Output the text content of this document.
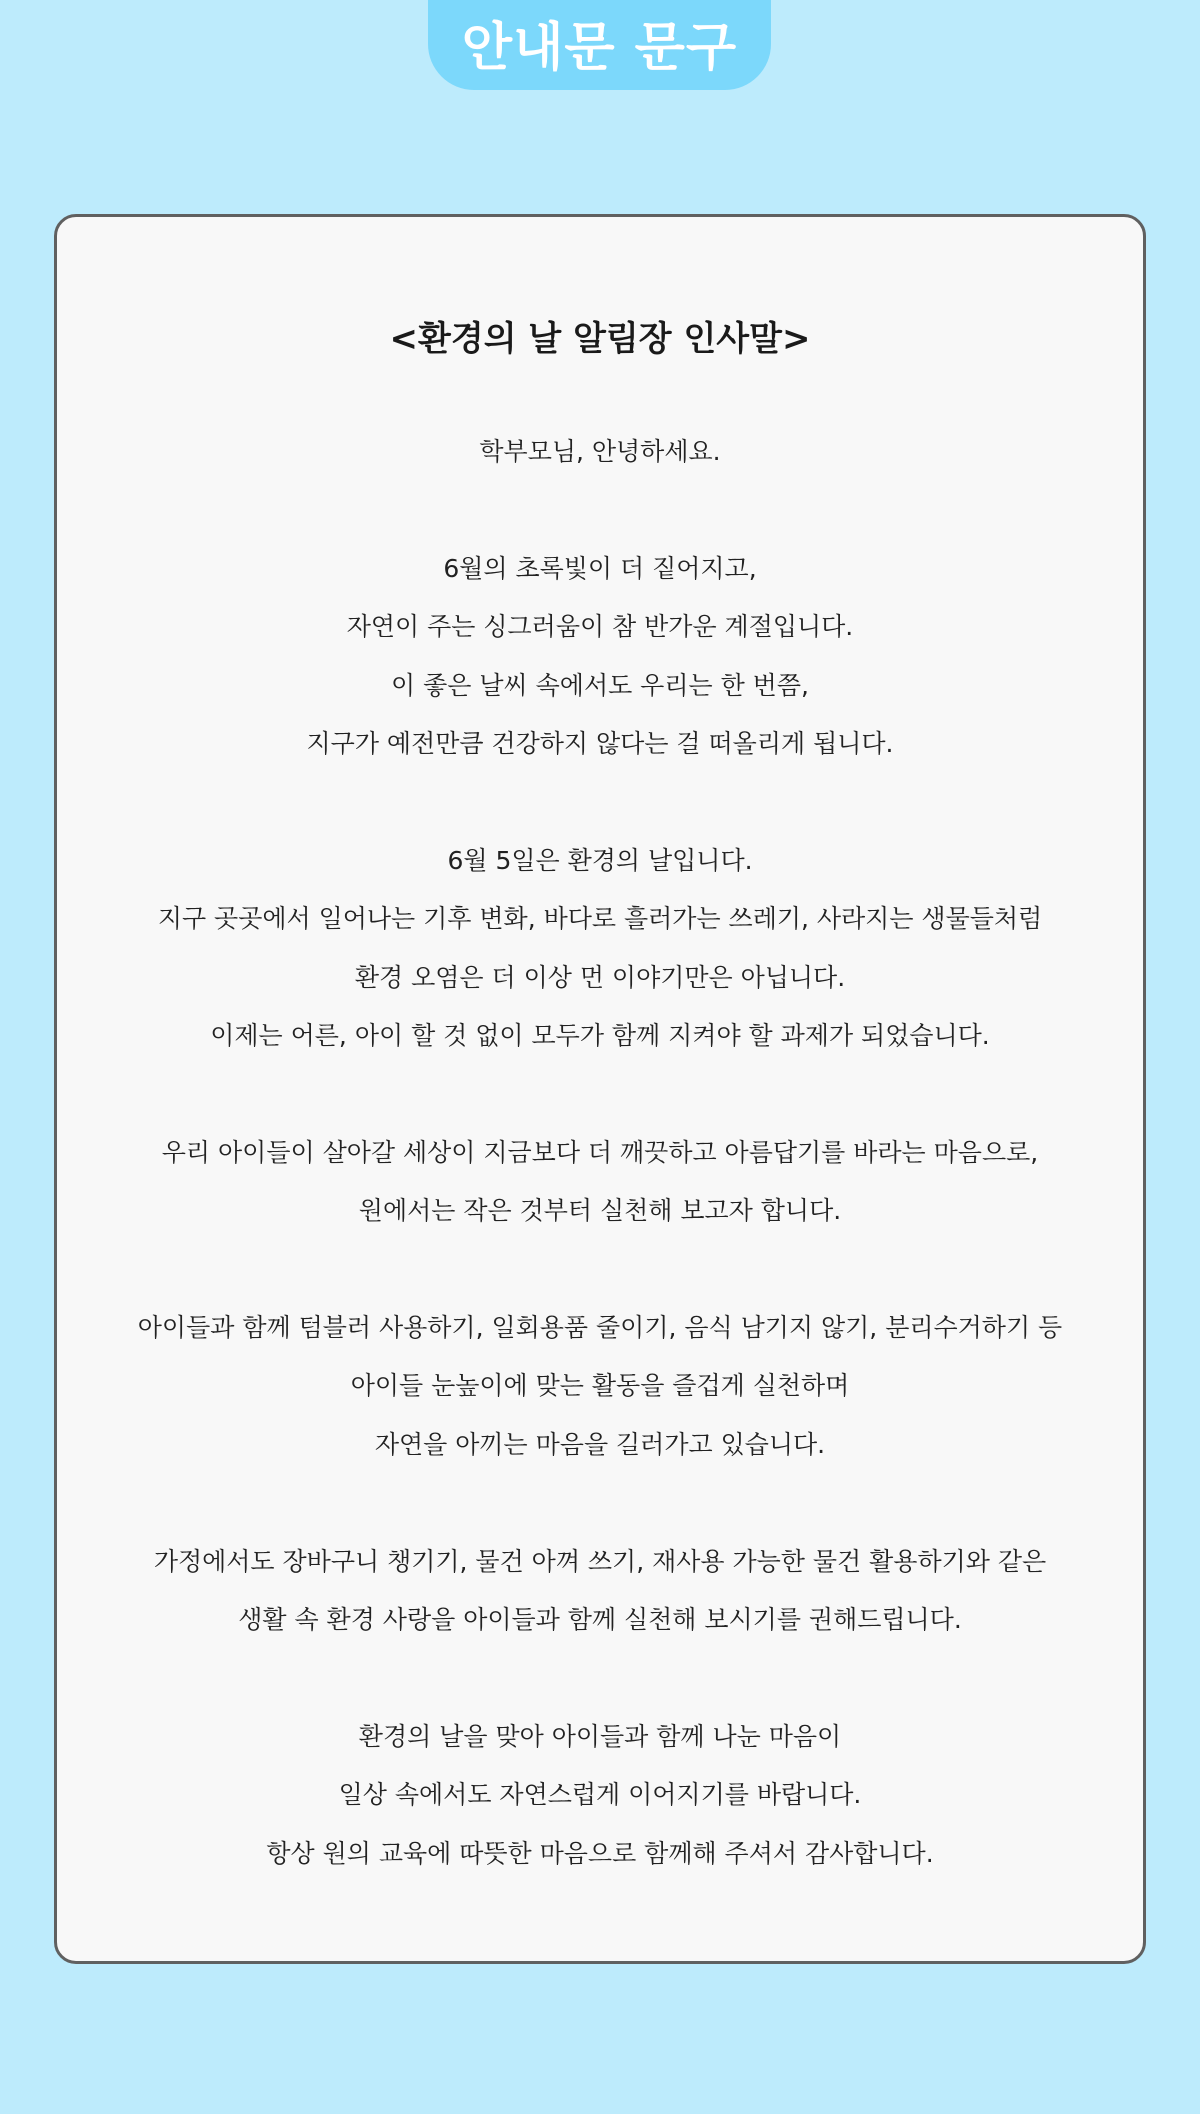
안내문 문구
<환경의 날 알림장 인사말>

학부모님, 안녕하세요.

6월의 초록빛이 더 짙어지고,
자연이 주는 싱그러움이 참 반가운 계절입니다.
이 좋은 날씨 속에서도 우리는 한 번쯤,
지구가 예전만큼 건강하지 않다는 걸 떠올리게 됩니다.

6월 5일은 환경의 날입니다.
지구 곳곳에서 일어나는 기후 변화, 바다로 흘러가는 쓰레기, 사라지는 생물들처럼
환경 오염은 더 이상 먼 이야기만은 아닙니다.
이제는 어른, 아이 할 것 없이 모두가 함께 지켜야 할 과제가 되었습니다.

우리 아이들이 살아갈 세상이 지금보다 더 깨끗하고 아름답기를 바라는 마음으로,
원에서는 작은 것부터 실천해 보고자 합니다.

아이들과 함께 텀블러 사용하기, 일회용품 줄이기, 음식 남기지 않기, 분리수거하기 등
아이들 눈높이에 맞는 활동을 즐겁게 실천하며
자연을 아끼는 마음을 길러가고 있습니다.

가정에서도 장바구니 챙기기, 물건 아껴 쓰기, 재사용 가능한 물건 활용하기와 같은
생활 속 환경 사랑을 아이들과 함께 실천해 보시기를 권해드립니다.

환경의 날을 맞아 아이들과 함께 나눈 마음이
일상 속에서도 자연스럽게 이어지기를 바랍니다.
항상 원의 교육에 따뜻한 마음으로 함께해 주셔서 감사합니다.
